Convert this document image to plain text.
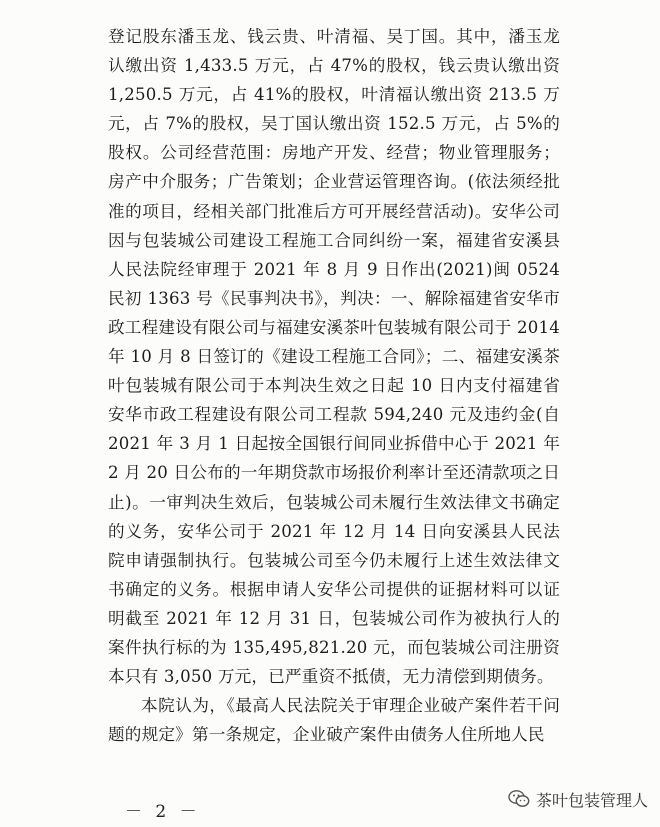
登记股东潘玉龙、钱云贵、叶清福、吴丁国。其中，潘玉龙认缴出资 1,433.5 万元，占 47%的股权，钱云贵认缴出资 1,250.5 万元，占 41%的股权，叶清福认缴出资 213.5 万元，占 7%的股权，吴丁国认缴出资 152.5 万元，占 5%的股权。公司经营范围：房地产开发、经营；物业管理服务；房产中介服务；广告策划；企业营运管理咨询。(依法须经批准的项目，经相关部门批准后方可开展经营活动)。安华公司因与包装城公司建设工程施工合同纠纷一案，福建省安溪县人民法院经审理于 2021 年 8 月 9 日作出(2021)闽 0524 民初 1363 号《民事判决书》，判决：一、解除福建省安华市政工程建设有限公司与福建安溪茶叶包装城有限公司于 2014 年 10 月 8 日签订的《建设工程施工合同》；二、福建安溪茶叶包装城有限公司于本判决生效之日起 10 日内支付福建省安华市政工程建设有限公司工程款 594,240 元及违约金(自 2021 年 3 月 1 日起按全国银行间同业拆借中心于 2021 年 2 月 20 日公布的一年期贷款市场报价利率计至还清款项之日止)。一审判决生效后，包装城公司未履行生效法律文书确定的义务，安华公司于 2021 年 12 月 14 日向安溪县人民法院申请强制执行。包装城公司至今仍未履行上述生效法律文书确定的义务。根据申请人安华公司提供的证据材料可以证明截至 2021 年 12 月 31 日，包装城公司作为被执行人的案件执行标的为 135,495,821.20 元，而包装城公司注册资本只有 3,050 万元，已严重资不抵债，无力清偿到期债务。

本院认为，《最高人民法院关于审理企业破产案件若干问题的规定》第一条规定，企业破产案件由债务人住所地人民

－ 2 －
茶叶包装管理人
